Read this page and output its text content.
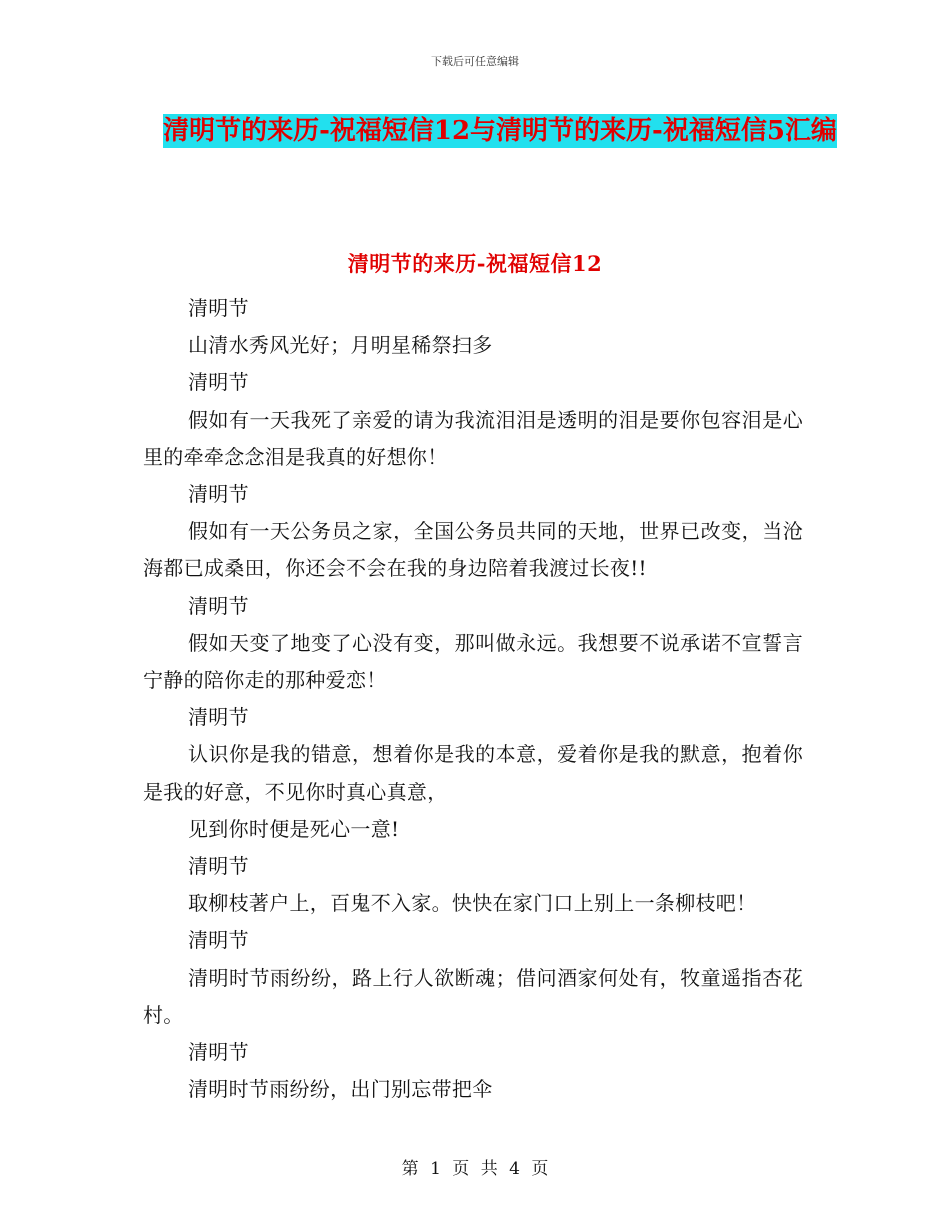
下载后可任意编辑
清明节的来历-祝福短信12与清明节的来历-祝福短信5汇编
清明节的来历-祝福短信12

清明节

山清水秀风光好；月明星稀祭扫多

清明节

假如有一天我死了亲爱的请为我流泪泪是透明的泪是要你包容泪是心里的牵牵念念泪是我真的好想你！

清明节

假如有一天公务员之家，全国公务员共同的天地，世界已改变，当沧海都已成桑田，你还会不会在我的身边陪着我渡过长夜!!

清明节

假如天变了地变了心没有变，那叫做永远。我想要不说承诺不宣誓言宁静的陪你走的那种爱恋！

清明节

认识你是我的错意，想着你是我的本意，爱着你是我的默意，抱着你是我的好意，不见你时真心真意，

见到你时便是死心一意!

清明节

取柳枝著户上，百鬼不入家。快快在家门口上别上一条柳枝吧！

清明节

清明时节雨纷纷，路上行人欲断魂；借问酒家何处有，牧童遥指杏花村。

清明节

清明时节雨纷纷，出门别忘带把伞

第 1 页 共 4 页
